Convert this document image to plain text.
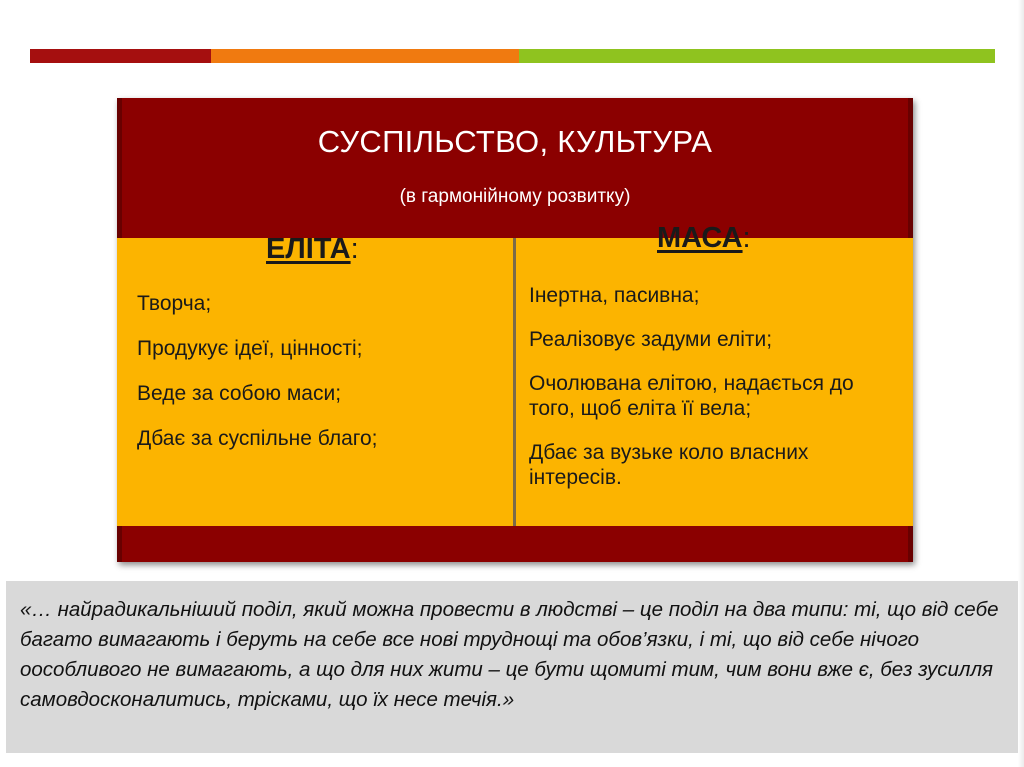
СУСПІЛЬСТВО, КУЛЬТУРА
(в гармонійному розвитку)
ЕЛІТА:
Творча;
Продукує ідеї, цінності;
Веде за собою маси;
Дбає за суспільне благо;
МАСА:
Інертна, пасивна;
Реалізовує задуми еліти;
Очолювана елітою, надається до того, щоб еліта її вела;
Дбає за вузьке коло власних інтересів.

«… найрадикальніший поділ, який можна провести в людстві – це поділ на два типи: ті, що від себе багато вимагають і беруть на себе все нові труднощі та обов’язки, і ті, що від себе нічого оособливого не вимагають, а що для них жити – це бути щомиті тим, чим вони вже є, без зусилля самовдосконалитись, трісками, що їх несе течія.»
